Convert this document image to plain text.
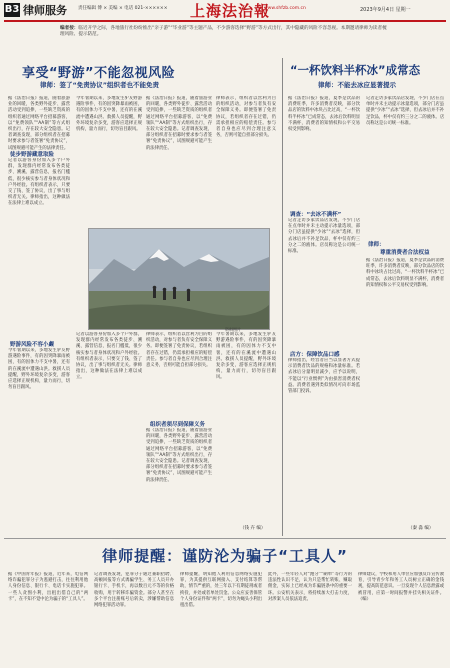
B3 律师服务 责任编辑 傅 × 美编 × 电话 021-×××××× 上海法治報
www.shfzb.com.cn	2023年9月4日 星期一
编者按：临近开学之际，各地旅行社纷纷推出“亲子游”“毕业游”等主题产品，不少游客选择“野游”等方式出行，其中隐藏的风险不容忽视。本期邀请律师为读者梳理风险、提示防范。
享受“野游”不能忽视风险
律师：签了“免责协议”组织者也不能免责
徒步野游藏意取险
据《法治日报》报道，随着旅游业的回暖，各类野外徒步、露营活动受到追捧，一些缺乏资质的组织者通过网络平台招募游客，以“免费领队”“AA制”等方式组织出行，存在较大安全隐患。记者调查发现，部分组织者在招募时要求参与者签署“免责协议”，试图规避可能产生的法律责任。
记者以游客身份加入多个户外群，发现群内经常发布各类徒步、溯溪、露营信息，报名门槛低，很少核实参与者身体状况和户外经验。有组织者表示，只要交了钱、签了协议，出了事与组织者无关。律师指出，这种做法在法律上难以成立。
野游风险不容小觑
今年暑期以来，多地发生驴友野游遇险事件，有的因突降暴雨被困，有的因体力不支中暑，还有的在溪流中遭遇山洪。救援人员提醒，野外环境复杂多变，游客应选择正规机构，量力而行，切勿盲目跟风。
今年暑期以来，多地发生驴友野游遇险事件，有的因突降暴雨被困，有的因体力不支中暑，还有的在溪流中遭遇山洪。救援人员提醒，野外环境复杂多变，游客应选择正规机构，量力而行，切勿盲目跟风。
据《法治日报》报道，随着旅游业的回暖，各类野外徒步、露营活动受到追捧，一些缺乏资质的组织者通过网络平台招募游客，以“免费领队”“AA制”等方式组织出行，存在较大安全隐患。记者调查发现，部分组织者在招募时要求参与者签署“免责协议”，试图规避可能产生的法律责任。
律师表示，组织者以营利为目的组织活动，对参与者负有安全保障义务。即便签署了免责协议，若组织者存在过错，仍需承担相应的赔偿责任。参与者自身也应尽到合理注意义务，否则可能自担部分损失。
资料图片
记者以游客身份加入多个户外群，发现群内经常发布各类徒步、溯溪、露营信息，报名门槛低，很少核实参与者身体状况和户外经验。有组织者表示，只要交了钱、签了协议，出了事与组织者无关。律师指出，这种做法在法律上难以成立。
组织者须尽到保障义务
律师表示，组织者以营利为目的组织活动，对参与者负有安全保障义务。即便签署了免责协议，若组织者存在过错，仍需承担相应的赔偿责任。参与者自身也应尽到合理注意义务，否则可能自担部分损失。
据《法治日报》报道，随着旅游业的回暖，各类野外徒步、露营活动受到追捧，一些缺乏资质的组织者通过网络平台招募游客，以“免费领队”“AA制”等方式组织出行，存在较大安全隐患。记者调查发现，部分组织者在招募时要求参与者签署“免责协议”，试图规避可能产生的法律责任。
今年暑期以来，多地发生驴友野游遇险事件，有的因突降暴雨被困，有的因体力不支中暑，还有的在溪流中遭遇山洪。救援人员提醒，野外环境复杂多变，游客应选择正规机构，量力而行，切勿盲目跟风。
（钱 卉 编）
“一杯饮料半杯冰”成常态
律师：不能去冰应显著提示
据《法治日报》报道，夏季是饮品的消费旺季，许多消费者反映，部分饮品店的饮料中冰块占比过高，“一杯饮料半杯冰”已成常态，去冰后饮料明显不满杯，消费者的知情权和公平交易权受到影响。
调查：“去冰不满杯”
记者走访多家饮品店发现，不少门店在点单时并未主动提示冰量选项，部分门店虽提供“少冰”“去冰”选择，但去冰后并不补足饮品，杯中仅有约三分之二的液体。店员称这是公司统一标准。
店方：保障饮品口感
律师指出，经营者应当以显著方式提示消费者饮品的规格和冰量标准。若去冰后分量明显减少，应予以说明，不能以“行业惯例”为由损害消费者权益。消费者遇到类似情况可向市场监管部门投诉。
记者走访多家饮品店发现，不少门店在点单时并未主动提示冰量选项，部分门店虽提供“少冰”“去冰”选择，但去冰后并不补足饮品，杯中仅有约三分之二的液体。店员称这是公司统一标准。
律师：
尊重消费者合法权益
据《法治日报》报道，夏季是饮品的消费旺季，许多消费者反映，部分饮品店的饮料中冰块占比过高，“一杯饮料半杯冰”已成常态，去冰后饮料明显不满杯，消费者的知情权和公平交易权受到影响。
（秦 淼 编）
律师提醒：谨防沦为骗子“工具人”
据《中国青年报》报道，近年来，电信网络诈骗犯罪分子为逃避打击，往往利用他人身份信息、银行卡、电话卡实施犯罪。一些人贪图小利，出租出借自己的“两卡”，在不知不觉中沦为骗子的“工具人”。
记者调查发现，犯罪分子通过兼职招聘、高额回报等方式诱骗学生、务工人员开办银行卡、手机卡，再以数百元不等的价格收购，用于转移诈骗资金。部分人甚至在多个平台注册账号后转卖，涉嫌帮助信息网络犯罪活动罪。
律师提醒，明知他人利用信息网络实施犯罪，为其提供互联网接入、支付结算等帮助，情节严重的，处三年以下有期徒刑或者拘役，并处或者单处罚金。公众应妥善保管个人身份证件和“两卡”，切勿为蝇头小利出租出借。
此外，一些年轻人对“跑分”“刷单”等行为的违法性认识不足，认为只是帮忙转账、赚取佣金，实际上已经成为诈骗链条中的重要一环。公安机关表示，将持续加大打击力度，对涉案人员依法追责。
律师建议，学校和用人单位应加强反诈宣传教育，引导青少年和务工人员树立正确的金钱观，提高防范意识。一旦发现个人信息泄露或被冒用，应第一时间报警并挂失相关证件。（编）
